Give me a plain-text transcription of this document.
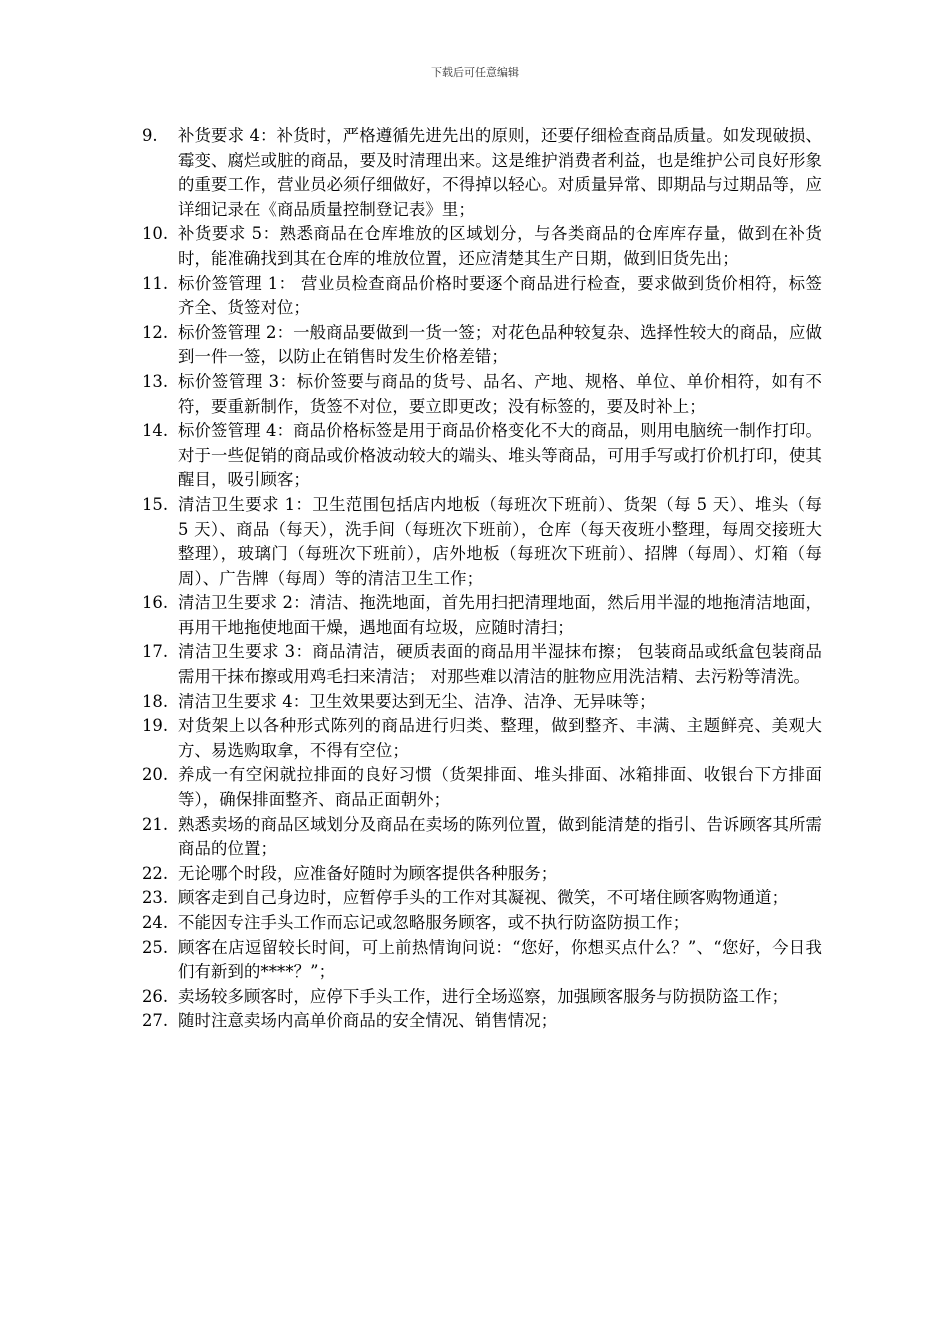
下载后可任意编辑
9.	补货要求 4：补货时，严格遵循先进先出的原则，还要仔细检查商品质量。如发现破损、霉变、腐烂或脏的商品，要及时清理出来。这是维护消费者利益，也是维护公司良好形象的重要工作，营业员必须仔细做好，不得掉以轻心。对质量异常、即期品与过期品等，应详细记录在《商品质量控制登记表》里；
10. 补货要求 5：熟悉商品在仓库堆放的区域划分，与各类商品的仓库库存量，做到在补货时，能准确找到其在仓库的堆放位置，还应清楚其生产日期，做到旧货先出；
11. 标价签管理 1： 营业员检查商品价格时要逐个商品进行检查，要求做到货价相符，标签齐全、货签对位；
12. 标价签管理 2：一般商品要做到一货一签；对花色品种较复杂、选择性较大的商品，应做到一件一签，以防止在销售时发生价格差错；
13. 标价签管理 3：标价签要与商品的货号、品名、产地、规格、单位、单价相符，如有不符，要重新制作，货签不对位，要立即更改；没有标签的，要及时补上；
14. 标价签管理 4：商品价格标签是用于商品价格变化不大的商品，则用电脑统一制作打印。对于一些促销的商品或价格波动较大的端头、堆头等商品，可用手写或打价机打印，使其醒目，吸引顾客；
15. 清洁卫生要求 1：卫生范围包括店内地板（每班次下班前）、货架（每 5 天）、堆头（每 5 天）、商品（每天），洗手间（每班次下班前），仓库（每天夜班小整理，每周交接班大整理），玻璃门（每班次下班前），店外地板（每班次下班前）、招牌（每周）、灯箱（每周）、广告牌（每周）等的清洁卫生工作；
16. 清洁卫生要求 2：清洁、拖洗地面，首先用扫把清理地面，然后用半湿的地拖清洁地面，再用干地拖使地面干燥，遇地面有垃圾，应随时清扫；
17. 清洁卫生要求 3：商品清洁，硬质表面的商品用半湿抹布擦； 包装商品或纸盒包装商品需用干抹布擦或用鸡毛扫来清洁； 对那些难以清洁的脏物应用洗洁精、去污粉等清洗。
18. 清洁卫生要求 4：卫生效果要达到无尘、洁净、洁净、无异味等；
19. 对货架上以各种形式陈列的商品进行归类、整理，做到整齐、丰满、主题鲜亮、美观大方、易选购取拿，不得有空位；
20. 养成一有空闲就拉排面的良好习惯（货架排面、堆头排面、冰箱排面、收银台下方排面等），确保排面整齐、商品正面朝外；
21. 熟悉卖场的商品区域划分及商品在卖场的陈列位置，做到能清楚的指引、告诉顾客其所需商品的位置；
22. 无论哪个时段，应准备好随时为顾客提供各种服务；
23. 顾客走到自己身边时，应暂停手头的工作对其凝视、微笑，不可堵住顾客购物通道；
24. 不能因专注手头工作而忘记或忽略服务顾客，或不执行防盗防损工作；
25. 顾客在店逗留较长时间，可上前热情询问说：“您好，你想买点什么？”、“您好，今日我们有新到的****？”；
26. 卖场较多顾客时，应停下手头工作，进行全场巡察，加强顾客服务与防损防盗工作；
27. 随时注意卖场内高单价商品的安全情况、销售情况；
